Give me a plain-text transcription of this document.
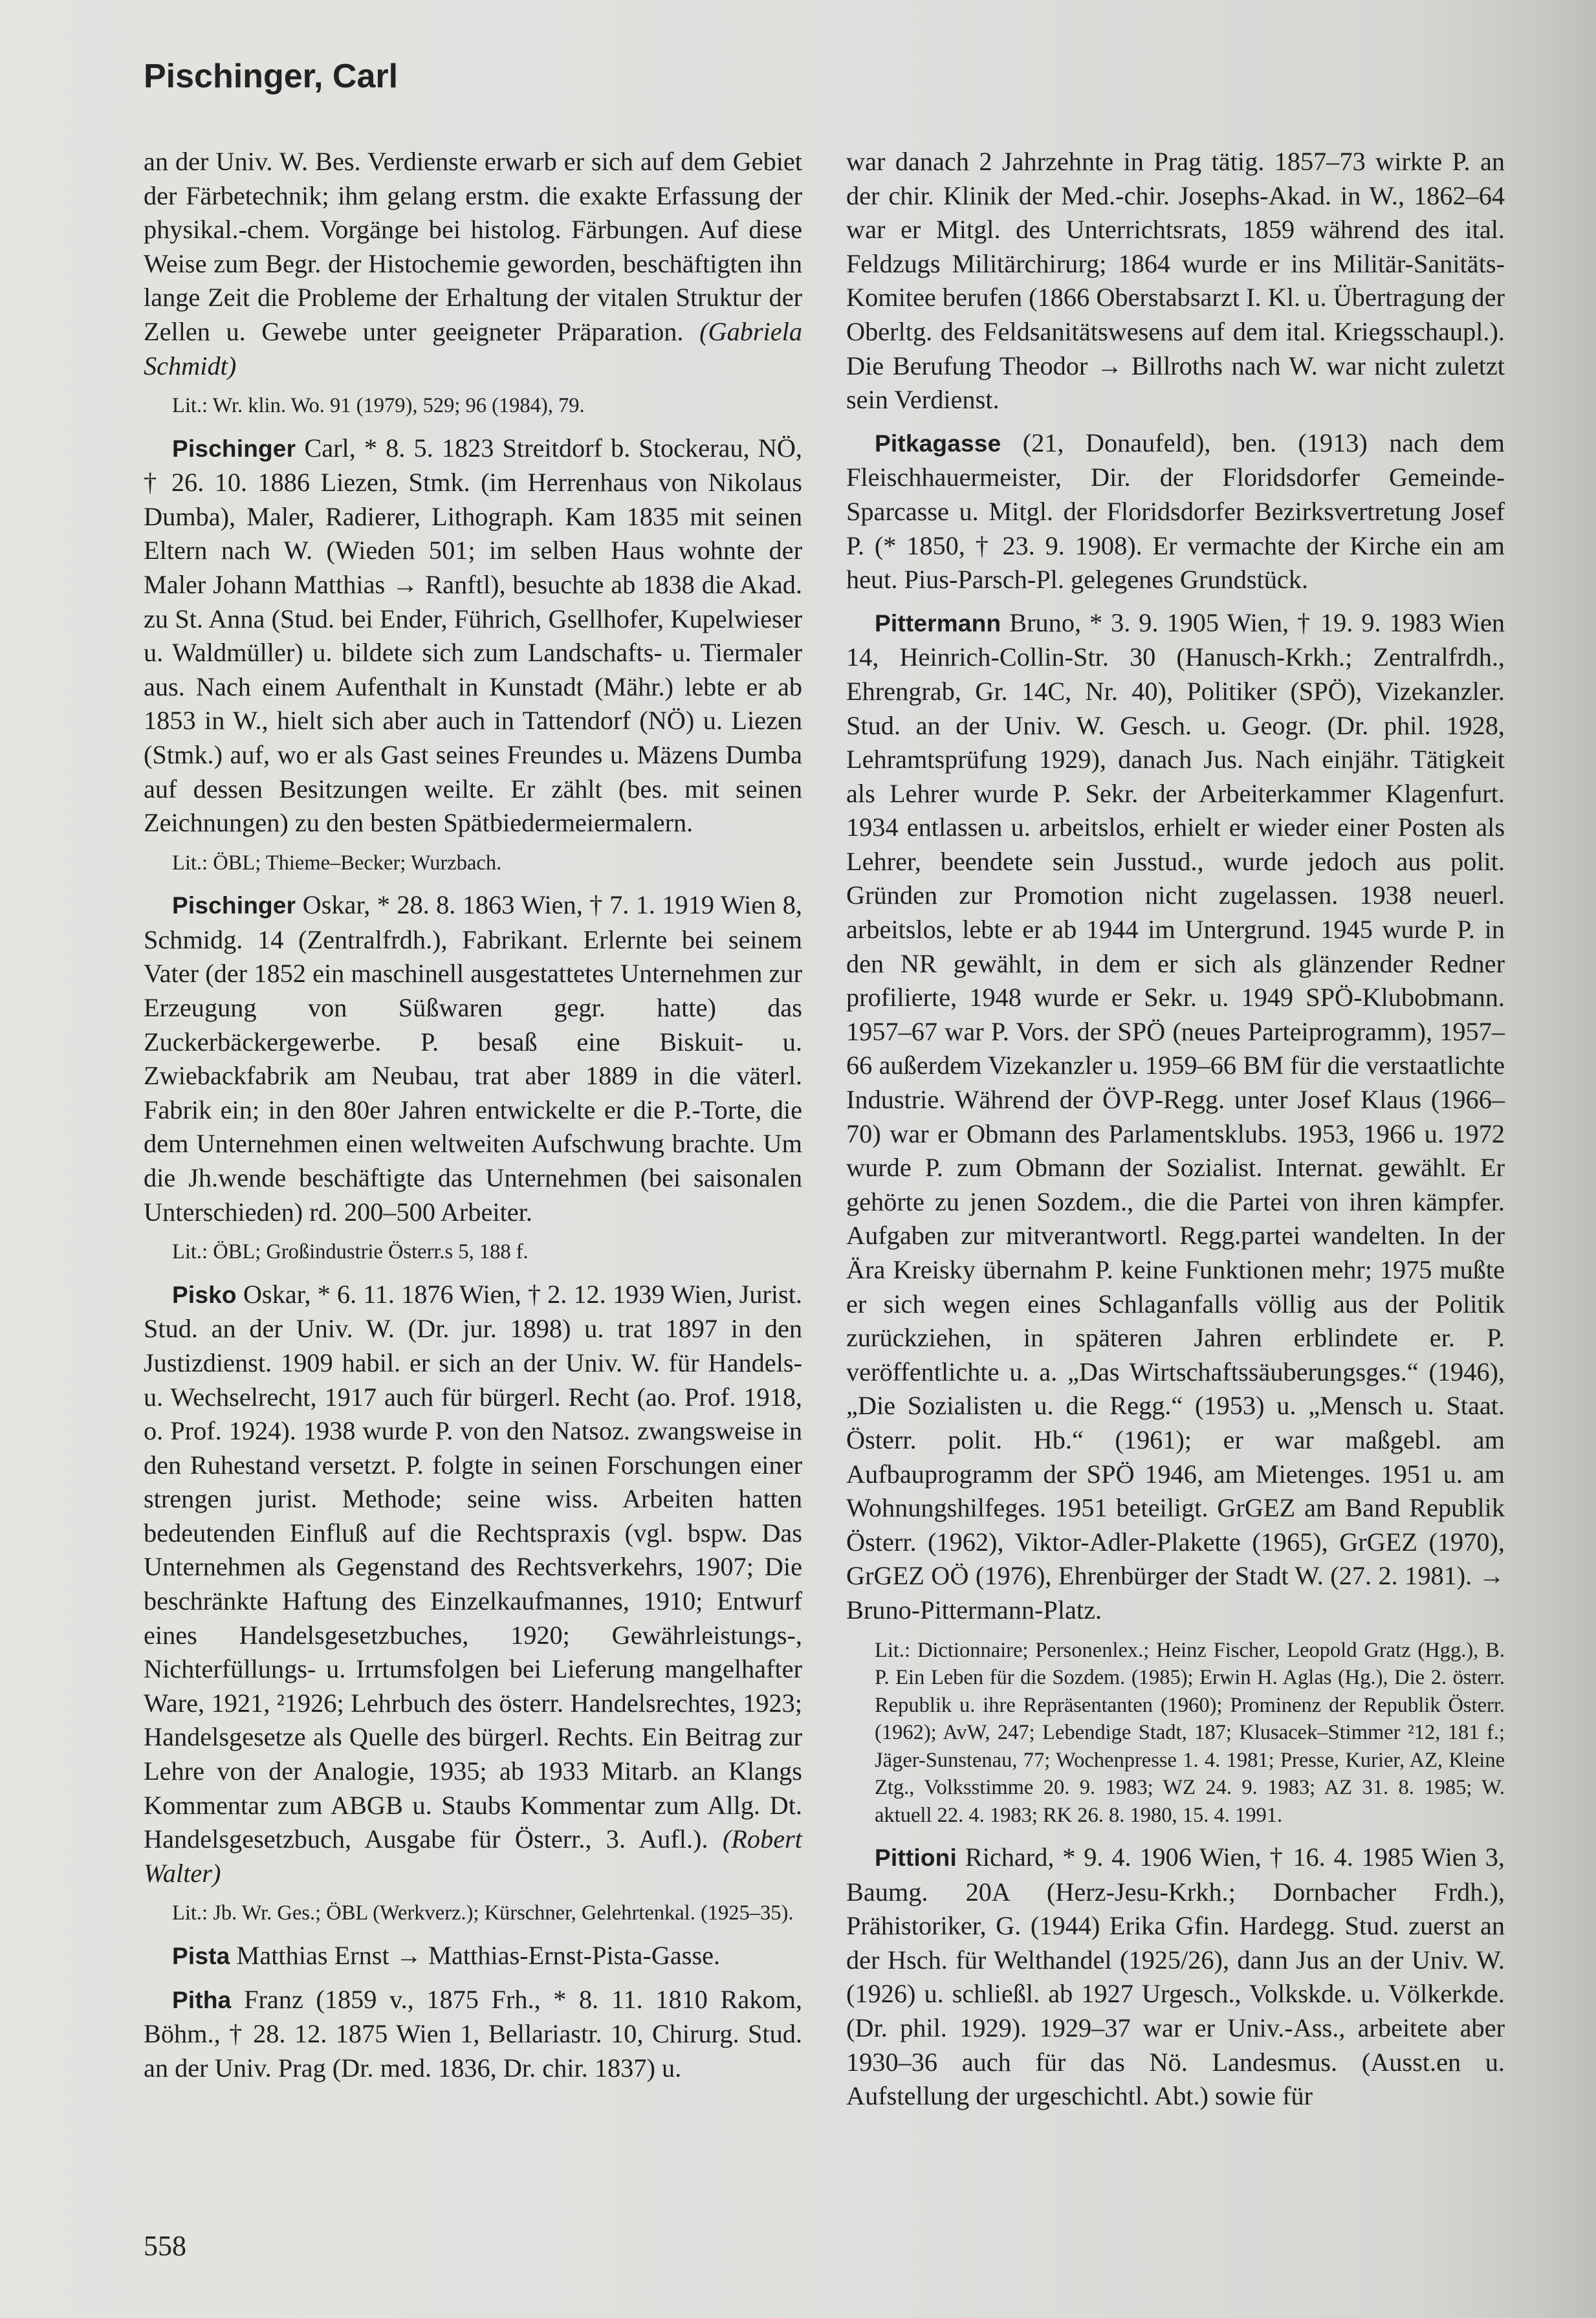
Pischinger, Carl
an der Univ. W. Bes. Verdienste erwarb er sich auf dem Gebiet der Färbetechnik; ihm gelang erstm. die exakte Erfassung der physikal.-chem. Vorgänge bei histolog. Färbungen. Auf diese Weise zum Begr. der Histochemie geworden, beschäftigten ihn lange Zeit die Probleme der Erhaltung der vitalen Struktur der Zellen u. Gewebe unter geeigneter Präparation. (Gabriela Schmidt)
Lit.: Wr. klin. Wo. 91 (1979), 529; 96 (1984), 79.
Pischinger Carl, * 8. 5. 1823 Streitdorf b. Stockerau, NÖ, † 26. 10. 1886 Liezen, Stmk. (im Herrenhaus von Nikolaus Dumba), Maler, Radierer, Lithograph. Kam 1835 mit seinen Eltern nach W. (Wieden 501; im selben Haus wohnte der Maler Johann Matthias → Ranftl), besuchte ab 1838 die Akad. zu St. Anna (Stud. bei Ender, Führich, Gsellhofer, Kupelwieser u. Waldmüller) u. bildete sich zum Landschafts- u. Tiermaler aus. Nach einem Aufenthalt in Kunstadt (Mähr.) lebte er ab 1853 in W., hielt sich aber auch in Tattendorf (NÖ) u. Liezen (Stmk.) auf, wo er als Gast seines Freundes u. Mäzens Dumba auf dessen Besitzungen weilte. Er zählt (bes. mit seinen Zeichnungen) zu den besten Spätbiedermeiermalern.
Lit.: ÖBL; Thieme–Becker; Wurzbach.
Pischinger Oskar, * 28. 8. 1863 Wien, † 7. 1. 1919 Wien 8, Schmidg. 14 (Zentralfrdh.), Fabrikant. Erlernte bei seinem Vater (der 1852 ein maschinell ausgestattetes Unternehmen zur Erzeugung von Süßwaren gegr. hatte) das Zuckerbäckergewerbe. P. besaß eine Biskuit- u. Zwiebackfabrik am Neubau, trat aber 1889 in die väterl. Fabrik ein; in den 80er Jahren entwickelte er die P.-Torte, die dem Unternehmen einen weltweiten Aufschwung brachte. Um die Jh.wende beschäftigte das Unternehmen (bei saisonalen Unterschieden) rd. 200–500 Arbeiter.
Lit.: ÖBL; Großindustrie Österr.s 5, 188 f.
Pisko Oskar, * 6. 11. 1876 Wien, † 2. 12. 1939 Wien, Jurist. Stud. an der Univ. W. (Dr. jur. 1898) u. trat 1897 in den Justizdienst. 1909 habil. er sich an der Univ. W. für Handels- u. Wechselrecht, 1917 auch für bürgerl. Recht (ao. Prof. 1918, o. Prof. 1924). 1938 wurde P. von den Natsoz. zwangsweise in den Ruhestand versetzt. P. folgte in seinen Forschungen einer strengen jurist. Methode; seine wiss. Arbeiten hatten bedeutenden Einfluß auf die Rechtspraxis (vgl. bspw. Das Unternehmen als Gegenstand des Rechtsverkehrs, 1907; Die beschränkte Haftung des Einzelkaufmannes, 1910; Entwurf eines Handelsgesetzbuches, 1920; Gewährleistungs-, Nichterfüllungs- u. Irrtumsfolgen bei Lieferung mangelhafter Ware, 1921, ²1926; Lehrbuch des österr. Handelsrechtes, 1923; Handelsgesetze als Quelle des bürgerl. Rechts. Ein Beitrag zur Lehre von der Analogie, 1935; ab 1933 Mitarb. an Klangs Kommentar zum ABGB u. Staubs Kommentar zum Allg. Dt. Handelsgesetzbuch, Ausgabe für Österr., 3. Aufl.). (Robert Walter)
Lit.: Jb. Wr. Ges.; ÖBL (Werkverz.); Kürschner, Gelehrtenkal. (1925–35).
Pista Matthias Ernst → Matthias-Ernst-Pista-Gasse.
Pitha Franz (1859 v., 1875 Frh., * 8. 11. 1810 Rakom, Böhm., † 28. 12. 1875 Wien 1, Bellariastr. 10, Chirurg. Stud. an der Univ. Prag (Dr. med. 1836, Dr. chir. 1837) u.
war danach 2 Jahrzehnte in Prag tätig. 1857–73 wirkte P. an der chir. Klinik der Med.-chir. Josephs-Akad. in W., 1862–64 war er Mitgl. des Unterrichtsrats, 1859 während des ital. Feldzugs Militärchirurg; 1864 wurde er ins Militär-Sanitäts-Komitee berufen (1866 Oberstabsarzt I. Kl. u. Übertragung der Oberltg. des Feldsanitätswesens auf dem ital. Kriegsschaupl.). Die Berufung Theodor → Billroths nach W. war nicht zuletzt sein Verdienst.
Pitkagasse (21, Donaufeld), ben. (1913) nach dem Fleischhauermeister, Dir. der Floridsdorfer Gemeinde-Sparcasse u. Mitgl. der Floridsdorfer Bezirksvertretung Josef P. (* 1850, † 23. 9. 1908). Er vermachte der Kirche ein am heut. Pius-Parsch-Pl. gelegenes Grundstück.
Pittermann Bruno, * 3. 9. 1905 Wien, † 19. 9. 1983 Wien 14, Heinrich-Collin-Str. 30 (Hanusch-Krkh.; Zentralfrdh., Ehrengrab, Gr. 14C, Nr. 40), Politiker (SPÖ), Vizekanzler. Stud. an der Univ. W. Gesch. u. Geogr. (Dr. phil. 1928, Lehramtsprüfung 1929), danach Jus. Nach einjähr. Tätigkeit als Lehrer wurde P. Sekr. der Arbeiterkammer Klagenfurt. 1934 entlassen u. arbeitslos, erhielt er wieder einer Posten als Lehrer, beendete sein Jusstud., wurde jedoch aus polit. Gründen zur Promotion nicht zugelassen. 1938 neuerl. arbeitslos, lebte er ab 1944 im Untergrund. 1945 wurde P. in den NR gewählt, in dem er sich als glänzender Redner profilierte, 1948 wurde er Sekr. u. 1949 SPÖ-Klubobmann. 1957–67 war P. Vors. der SPÖ (neues Parteiprogramm), 1957–66 außerdem Vizekanzler u. 1959–66 BM für die verstaatlichte Industrie. Während der ÖVP-Regg. unter Josef Klaus (1966–70) war er Obmann des Parlamentsklubs. 1953, 1966 u. 1972 wurde P. zum Obmann der Sozialist. Internat. gewählt. Er gehörte zu jenen Sozdem., die die Partei von ihren kämpfer. Aufgaben zur mitverantwortl. Regg.partei wandelten. In der Ära Kreisky übernahm P. keine Funktionen mehr; 1975 mußte er sich wegen eines Schlaganfalls völlig aus der Politik zurückziehen, in späteren Jahren erblindete er. P. veröffentlichte u. a. „Das Wirtschaftssäuberungsges.“ (1946), „Die Sozialisten u. die Regg.“ (1953) u. „Mensch u. Staat. Österr. polit. Hb.“ (1961); er war maßgebl. am Aufbauprogramm der SPÖ 1946, am Mietenges. 1951 u. am Wohnungshilfeges. 1951 beteiligt. GrGEZ am Band Republik Österr. (1962), Viktor-Adler-Plakette (1965), GrGEZ (1970), GrGEZ OÖ (1976), Ehrenbürger der Stadt W. (27. 2. 1981). → Bruno-Pittermann-Platz.
Lit.: Dictionnaire; Personenlex.; Heinz Fischer, Leopold Gratz (Hgg.), B. P. Ein Leben für die Sozdem. (1985); Erwin H. Aglas (Hg.), Die 2. österr. Republik u. ihre Repräsentanten (1960); Prominenz der Republik Österr. (1962); AvW, 247; Lebendige Stadt, 187; Klusacek–Stimmer ²12, 181 f.; Jäger-Sunstenau, 77; Wochenpresse 1. 4. 1981; Presse, Kurier, AZ, Kleine Ztg., Volksstimme 20. 9. 1983; WZ 24. 9. 1983; AZ 31. 8. 1985; W. aktuell 22. 4. 1983; RK 26. 8. 1980, 15. 4. 1991.
Pittioni Richard, * 9. 4. 1906 Wien, † 16. 4. 1985 Wien 3, Baumg. 20A (Herz-Jesu-Krkh.; Dornbacher Frdh.), Prähistoriker, G. (1944) Erika Gfin. Hardegg. Stud. zuerst an der Hsch. für Welthandel (1925/26), dann Jus an der Univ. W. (1926) u. schließl. ab 1927 Urgesch., Volkskde. u. Völkerkde. (Dr. phil. 1929). 1929–37 war er Univ.-Ass., arbeitete aber 1930–36 auch für das Nö. Landesmus. (Ausst.en u. Aufstellung der urgeschichtl. Abt.) sowie für
558
